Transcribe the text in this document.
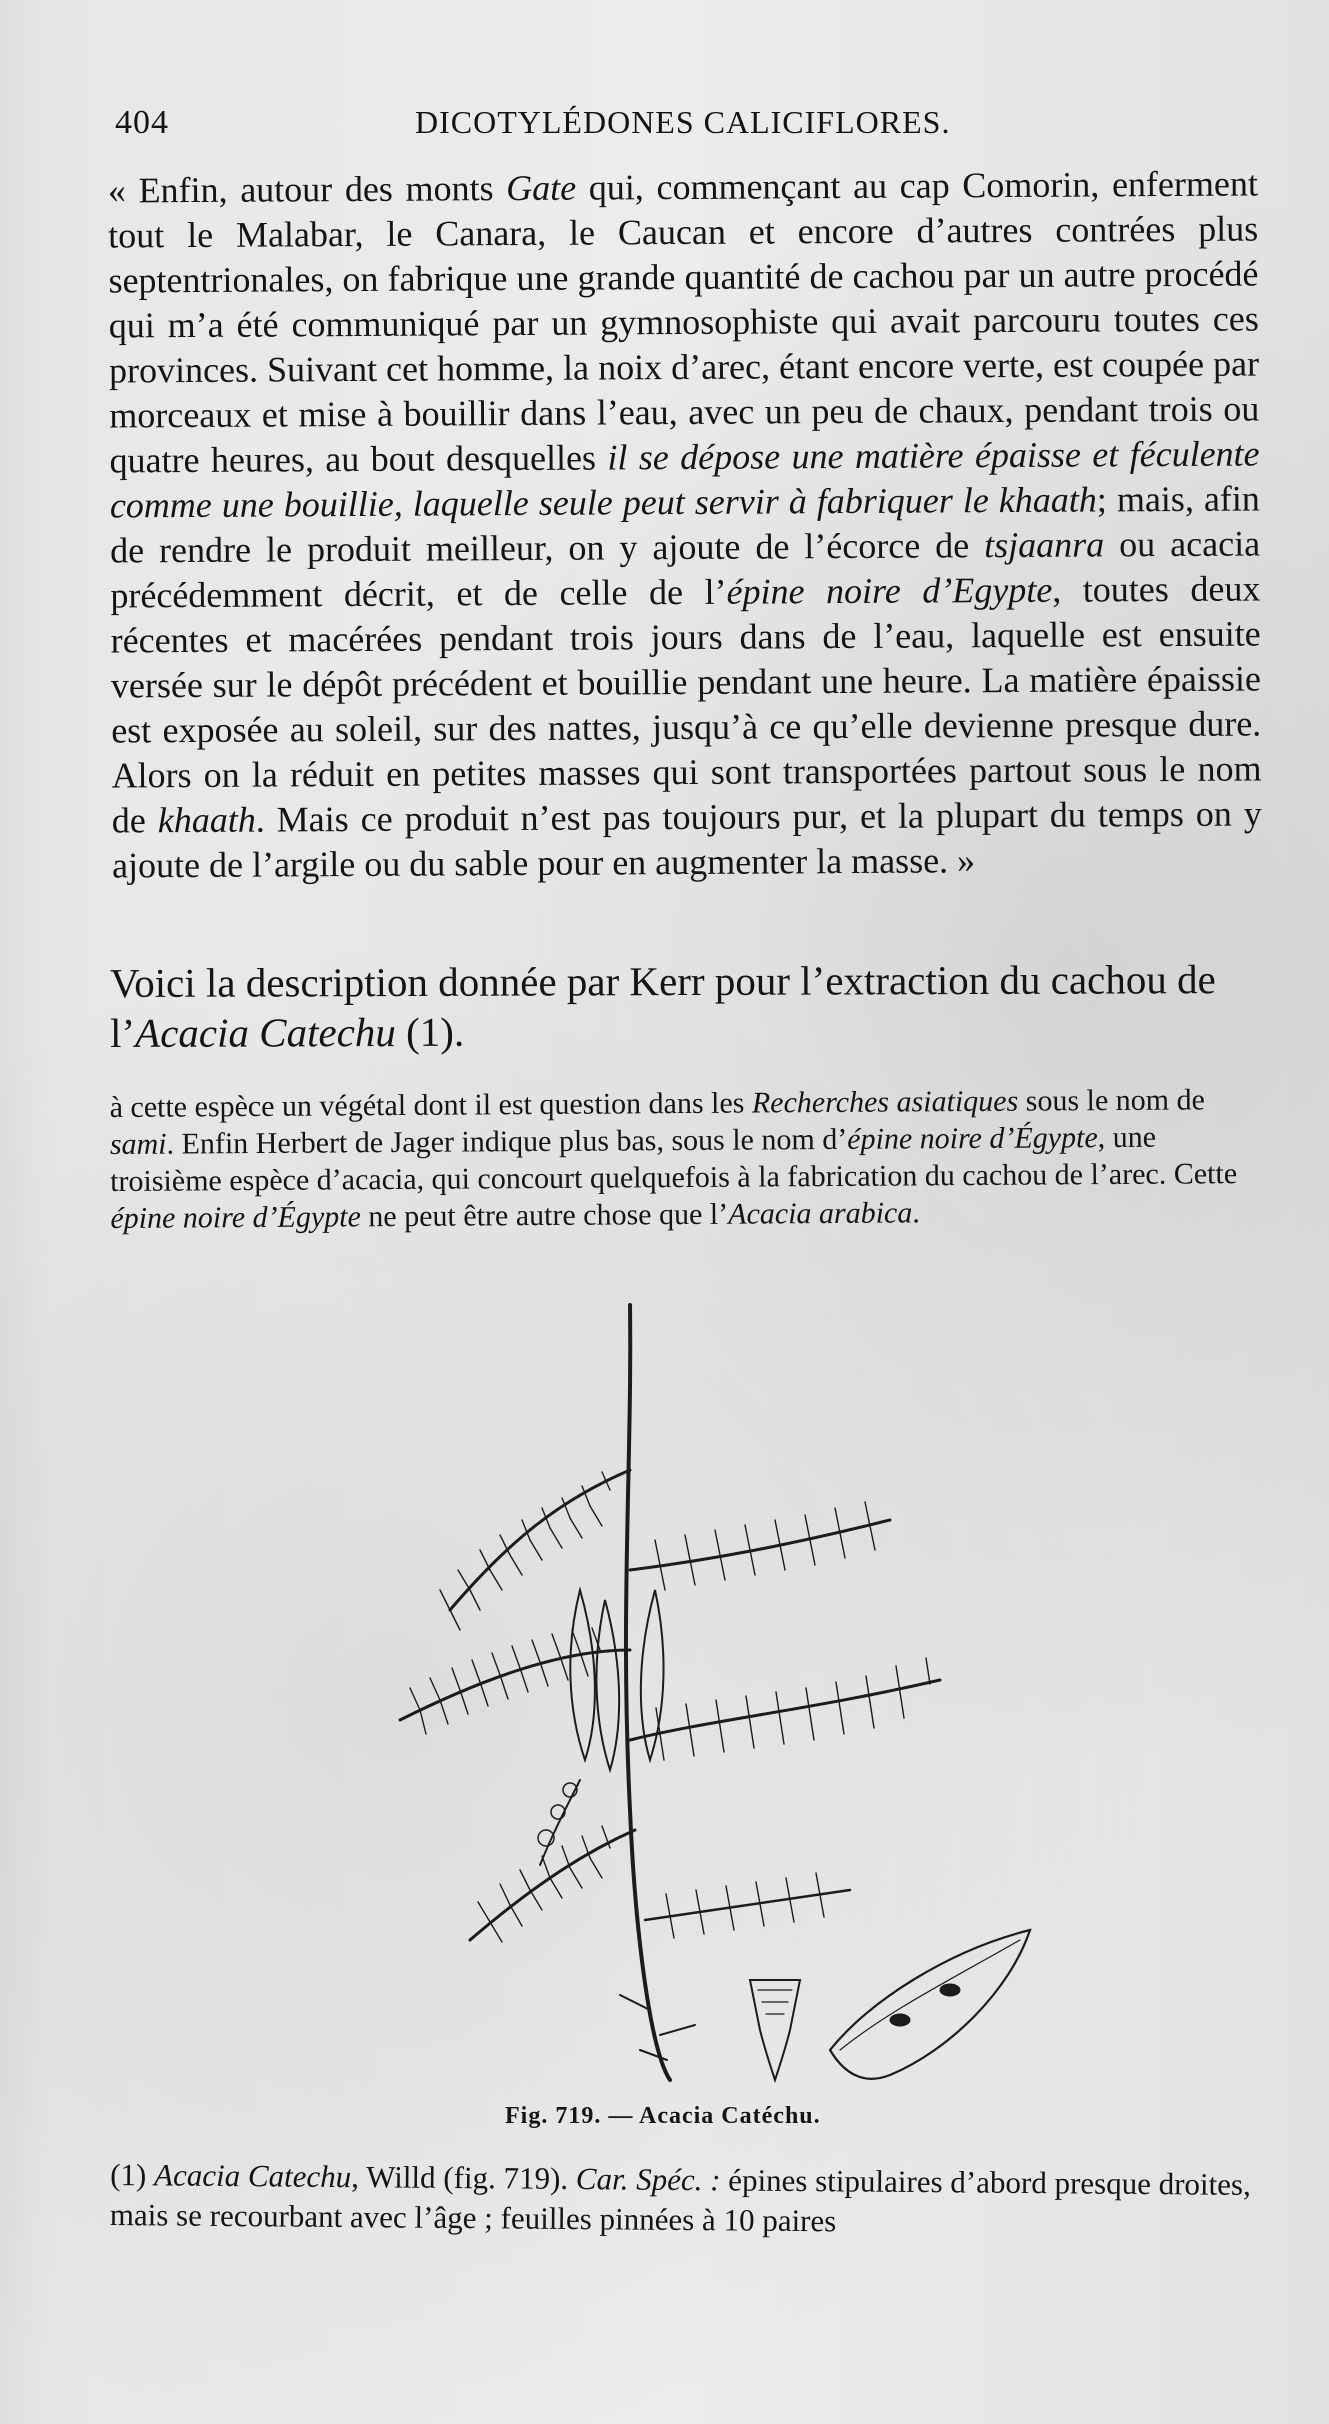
404	DICOTYLÉDONES CALICIFLORES.

« Enfin, autour des monts Gate qui, commençant au cap Comorin, enferment tout le Malabar, le Canara, le Caucan et encore d’autres contrées plus septentrionales, on fabrique une grande quantité de cachou par un autre procédé qui m’a été communiqué par un gymnosophiste qui avait parcouru toutes ces provinces. Suivant cet homme, la noix d’arec, étant encore verte, est coupée par morceaux et mise à bouillir dans l’eau, avec un peu de chaux, pendant trois ou quatre heures, au bout desquelles il se dépose une matière épaisse et féculente comme une bouillie, laquelle seule peut servir à fabriquer le khaath; mais, afin de rendre le produit meilleur, on y ajoute de l’écorce de tsjaanra ou acacia précédemment décrit, et de celle de l’épine noire d’Egypte, toutes deux récentes et macérées pendant trois jours dans de l’eau, laquelle est ensuite versée sur le dépôt précédent et bouillie pendant une heure. La matière épaissie est exposée au soleil, sur des nattes, jusqu’à ce qu’elle devienne presque dure. Alors on la réduit en petites masses qui sont transportées partout sous le nom de khaath. Mais ce produit n’est pas toujours pur, et la plupart du temps on y ajoute de l’argile ou du sable pour en augmenter la masse. »

Voici la description donnée par Kerr pour l’extraction du cachou de l’Acacia Catechu (1).

à cette espèce un végétal dont il est question dans les Recherches asiatiques sous le nom de sami. Enfin Herbert de Jager indique plus bas, sous le nom d’épine noire d’Égypte, une troisième espèce d’acacia, qui concourt quelquefois à la fabrication du cachou de l’arec. Cette épine noire d’Égypte ne peut être autre chose que l’Acacia arabica.

Fig. 719. — Acacia Catéchu.

(1) Acacia Catechu, Willd (fig. 719). Car. Spéc. : épines stipulaires d’abord presque droites, mais se recourbant avec l’âge ; feuilles pinnées à 10 paires
